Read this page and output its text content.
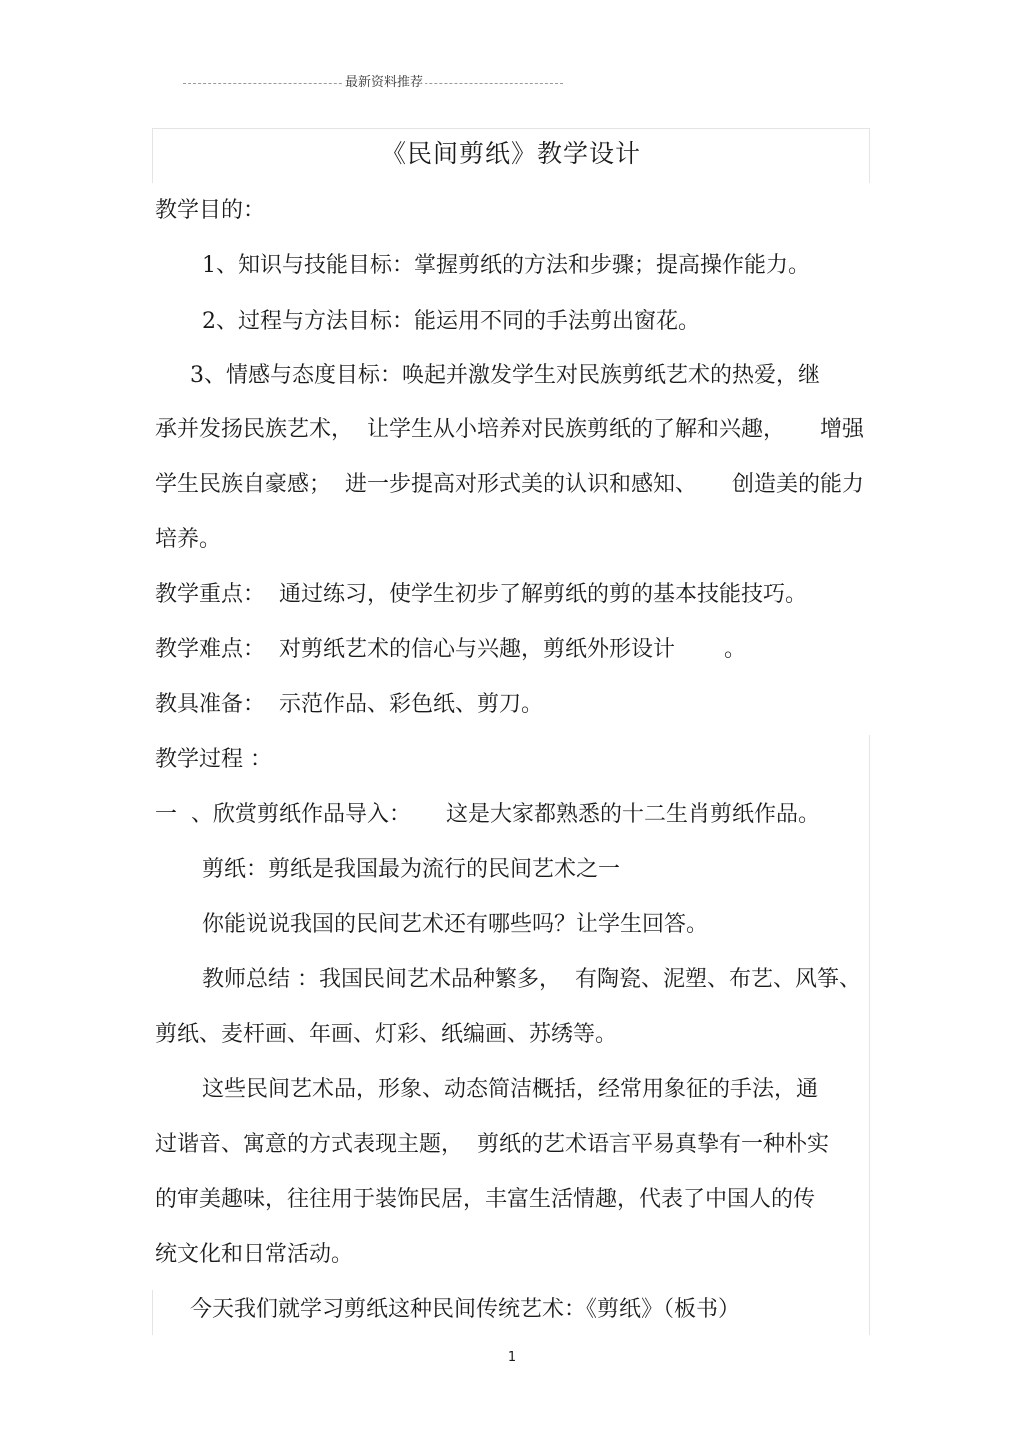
最新资料推荐
《民间剪纸》教学设计
教学目的：
1、知识与技能目标：掌握剪纸的方法和步骤；提高操作能力。
2、过程与方法目标：能运用不同的手法剪出窗花。
3、情感与态度目标：唤起并激发学生对民族剪纸艺术的热爱，继
承并发扬民族艺术，  让学生从小培养对民族剪纸的了解和兴趣，     增强
学生民族自豪感；  进一步提高对形式美的认识和感知、     创造美的能力
培养。
教学重点：  通过练习，使学生初步了解剪纸的剪的基本技能技巧。
教学难点：  对剪纸艺术的信心与兴趣，剪纸外形设计       。
教具准备：  示范作品、彩色纸、剪刀。
教学过程 ：
一  、欣赏剪纸作品导入：     这是大家都熟悉的十二生肖剪纸作品。
剪纸：剪纸是我国最为流行的民间艺术之一
你能说说我国的民间艺术还有哪些吗？让学生回答。
教师总结 ：我国民间艺术品种繁多，  有陶瓷、泥塑、布艺、风筝、
剪纸、麦杆画、年画、灯彩、纸编画、苏绣等。
这些民间艺术品，形象、动态简洁概括，经常用象征的手法，通
过谐音、寓意的方式表现主题，  剪纸的艺术语言平易真挚有一种朴实
的审美趣味，往往用于装饰民居，丰富生活情趣，代表了中国人的传
统文化和日常活动。
今天我们就学习剪纸这种民间传统艺术：《剪纸》（板书）
1
